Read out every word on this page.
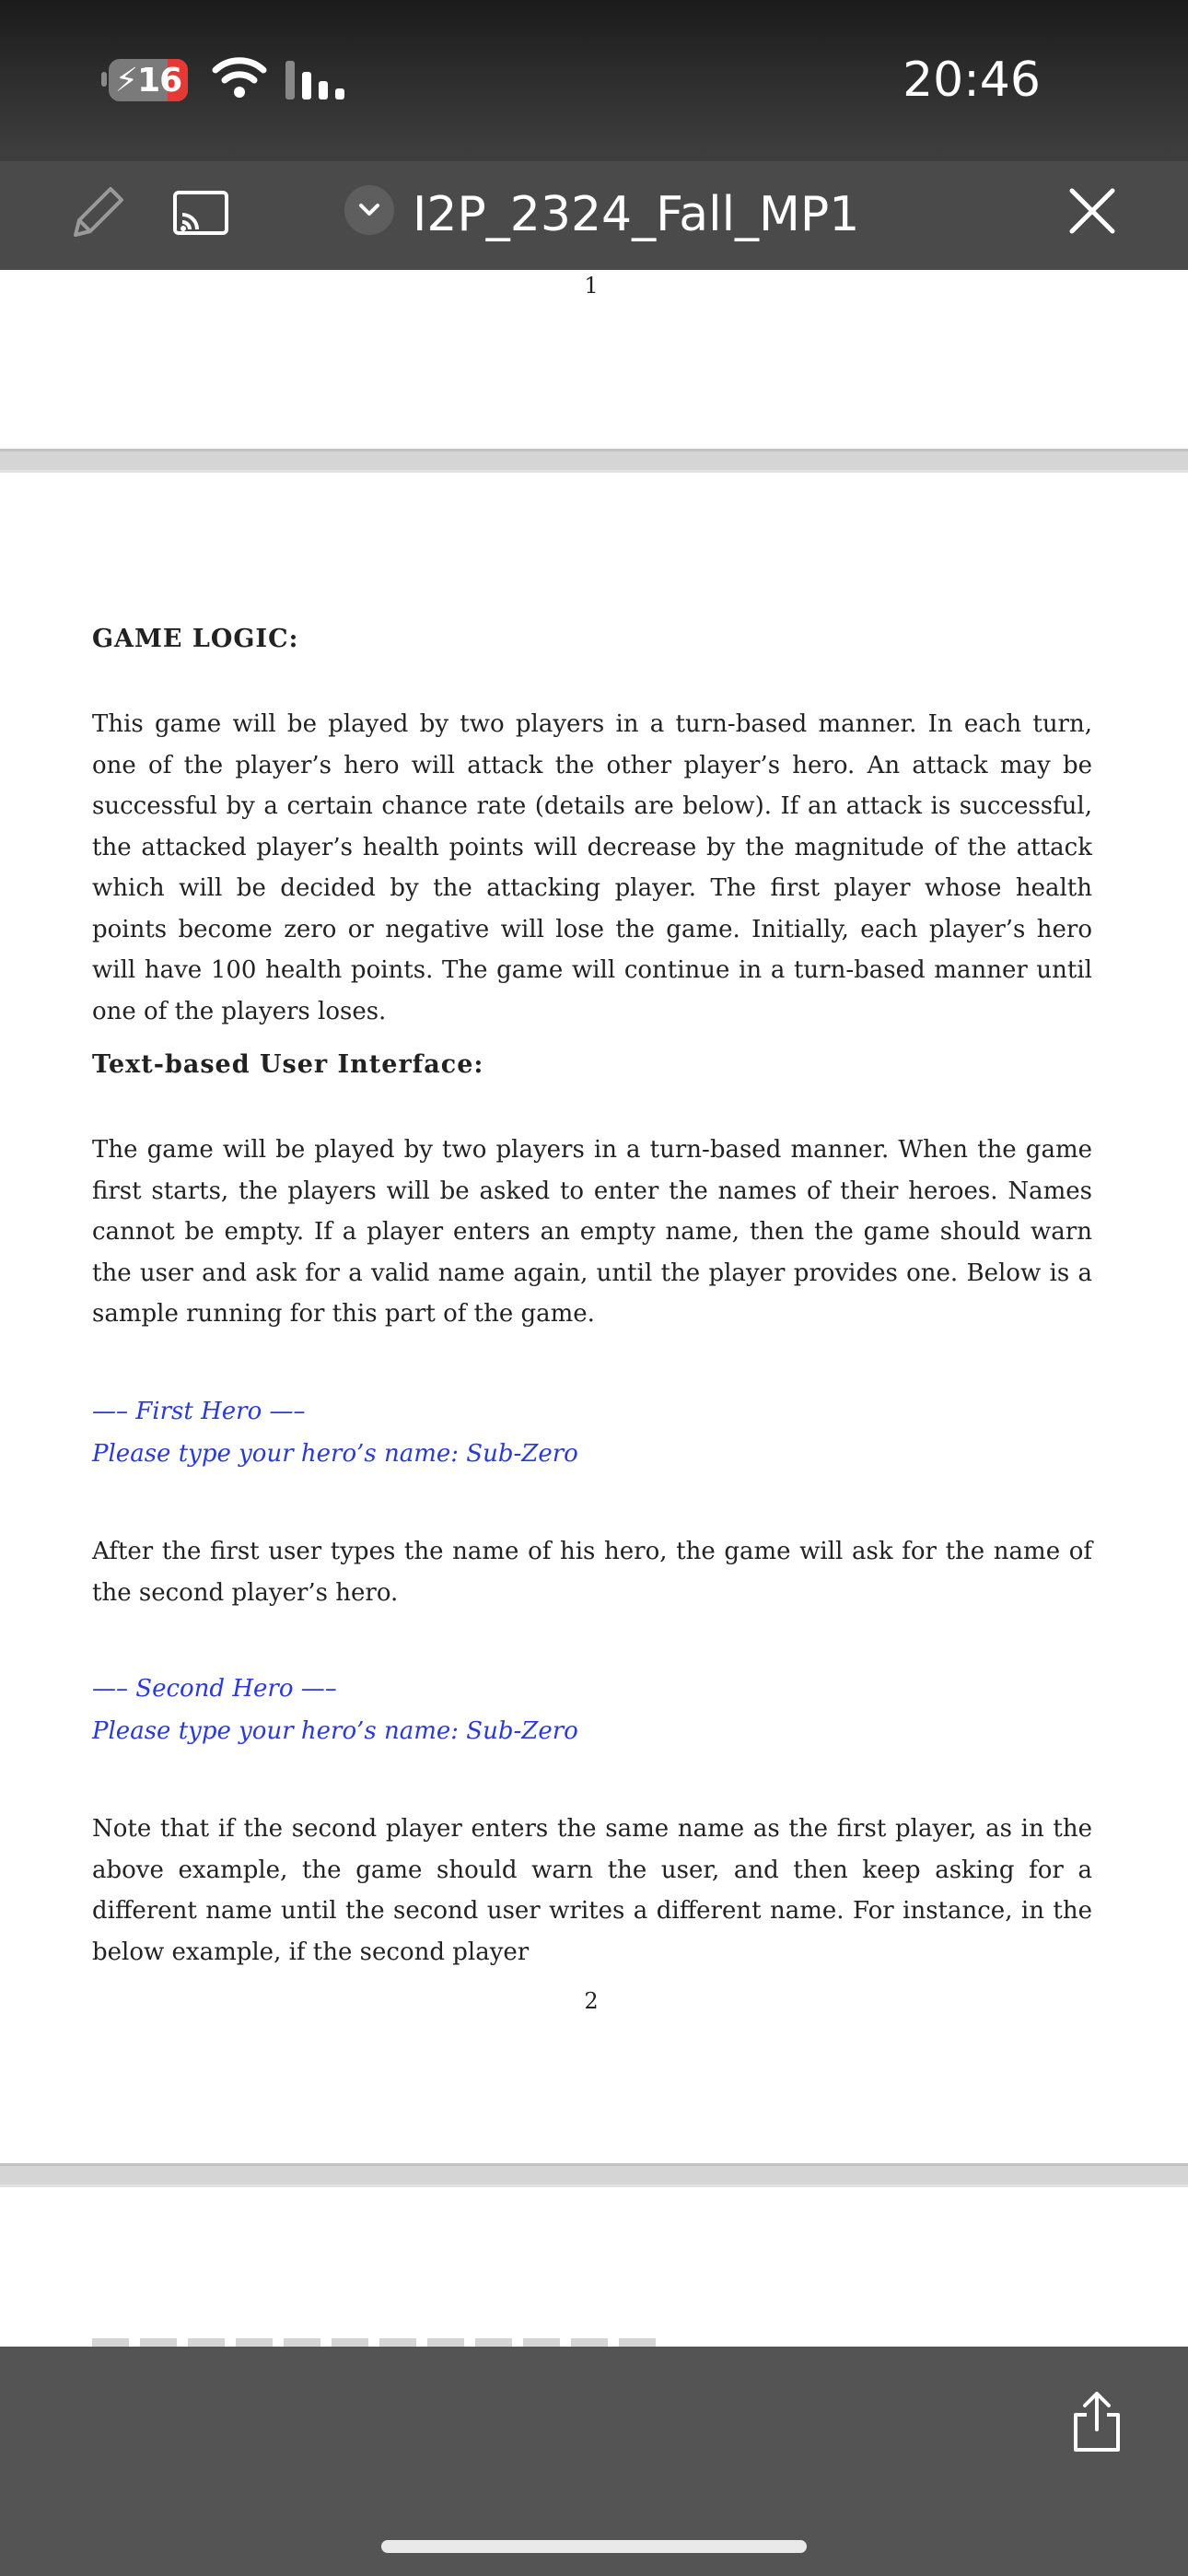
⚡16	20:46
I2P_2324_Fall_MP1
1
GAME LOGIC:
This game will be played by two players in a turn-based manner. In each turn, one of the player’s hero will attack the other player’s hero. An attack may be successful by a certain chance rate (details are below). If an attack is successful, the attacked player’s health points will decrease by the magnitude of the attack which will be decided by the attacking player. The first player whose health points become zero or negative will lose the game. Initially, each player’s hero will have 100 health points. The game will continue in a turn-based manner until one of the players loses.
Text-based User Interface:
The game will be played by two players in a turn-based manner. When the game first starts, the players will be asked to enter the names of their heroes. Names cannot be empty. If a player enters an empty name, then the game should warn the user and ask for a valid name again, until the player provides one. Below is a sample running for this part of the game.
—– First Hero —–
Please type your hero’s name: Sub-Zero
After the first user types the name of his hero, the game will ask for the name of the second player’s hero.
—– Second Hero —–
Please type your hero’s name: Sub-Zero
Note that if the second player enters the same name as the first player, as in the above example, the game should warn the user, and then keep asking for a different name until the second user writes a different name. For instance, in the below example, if the second player
2
